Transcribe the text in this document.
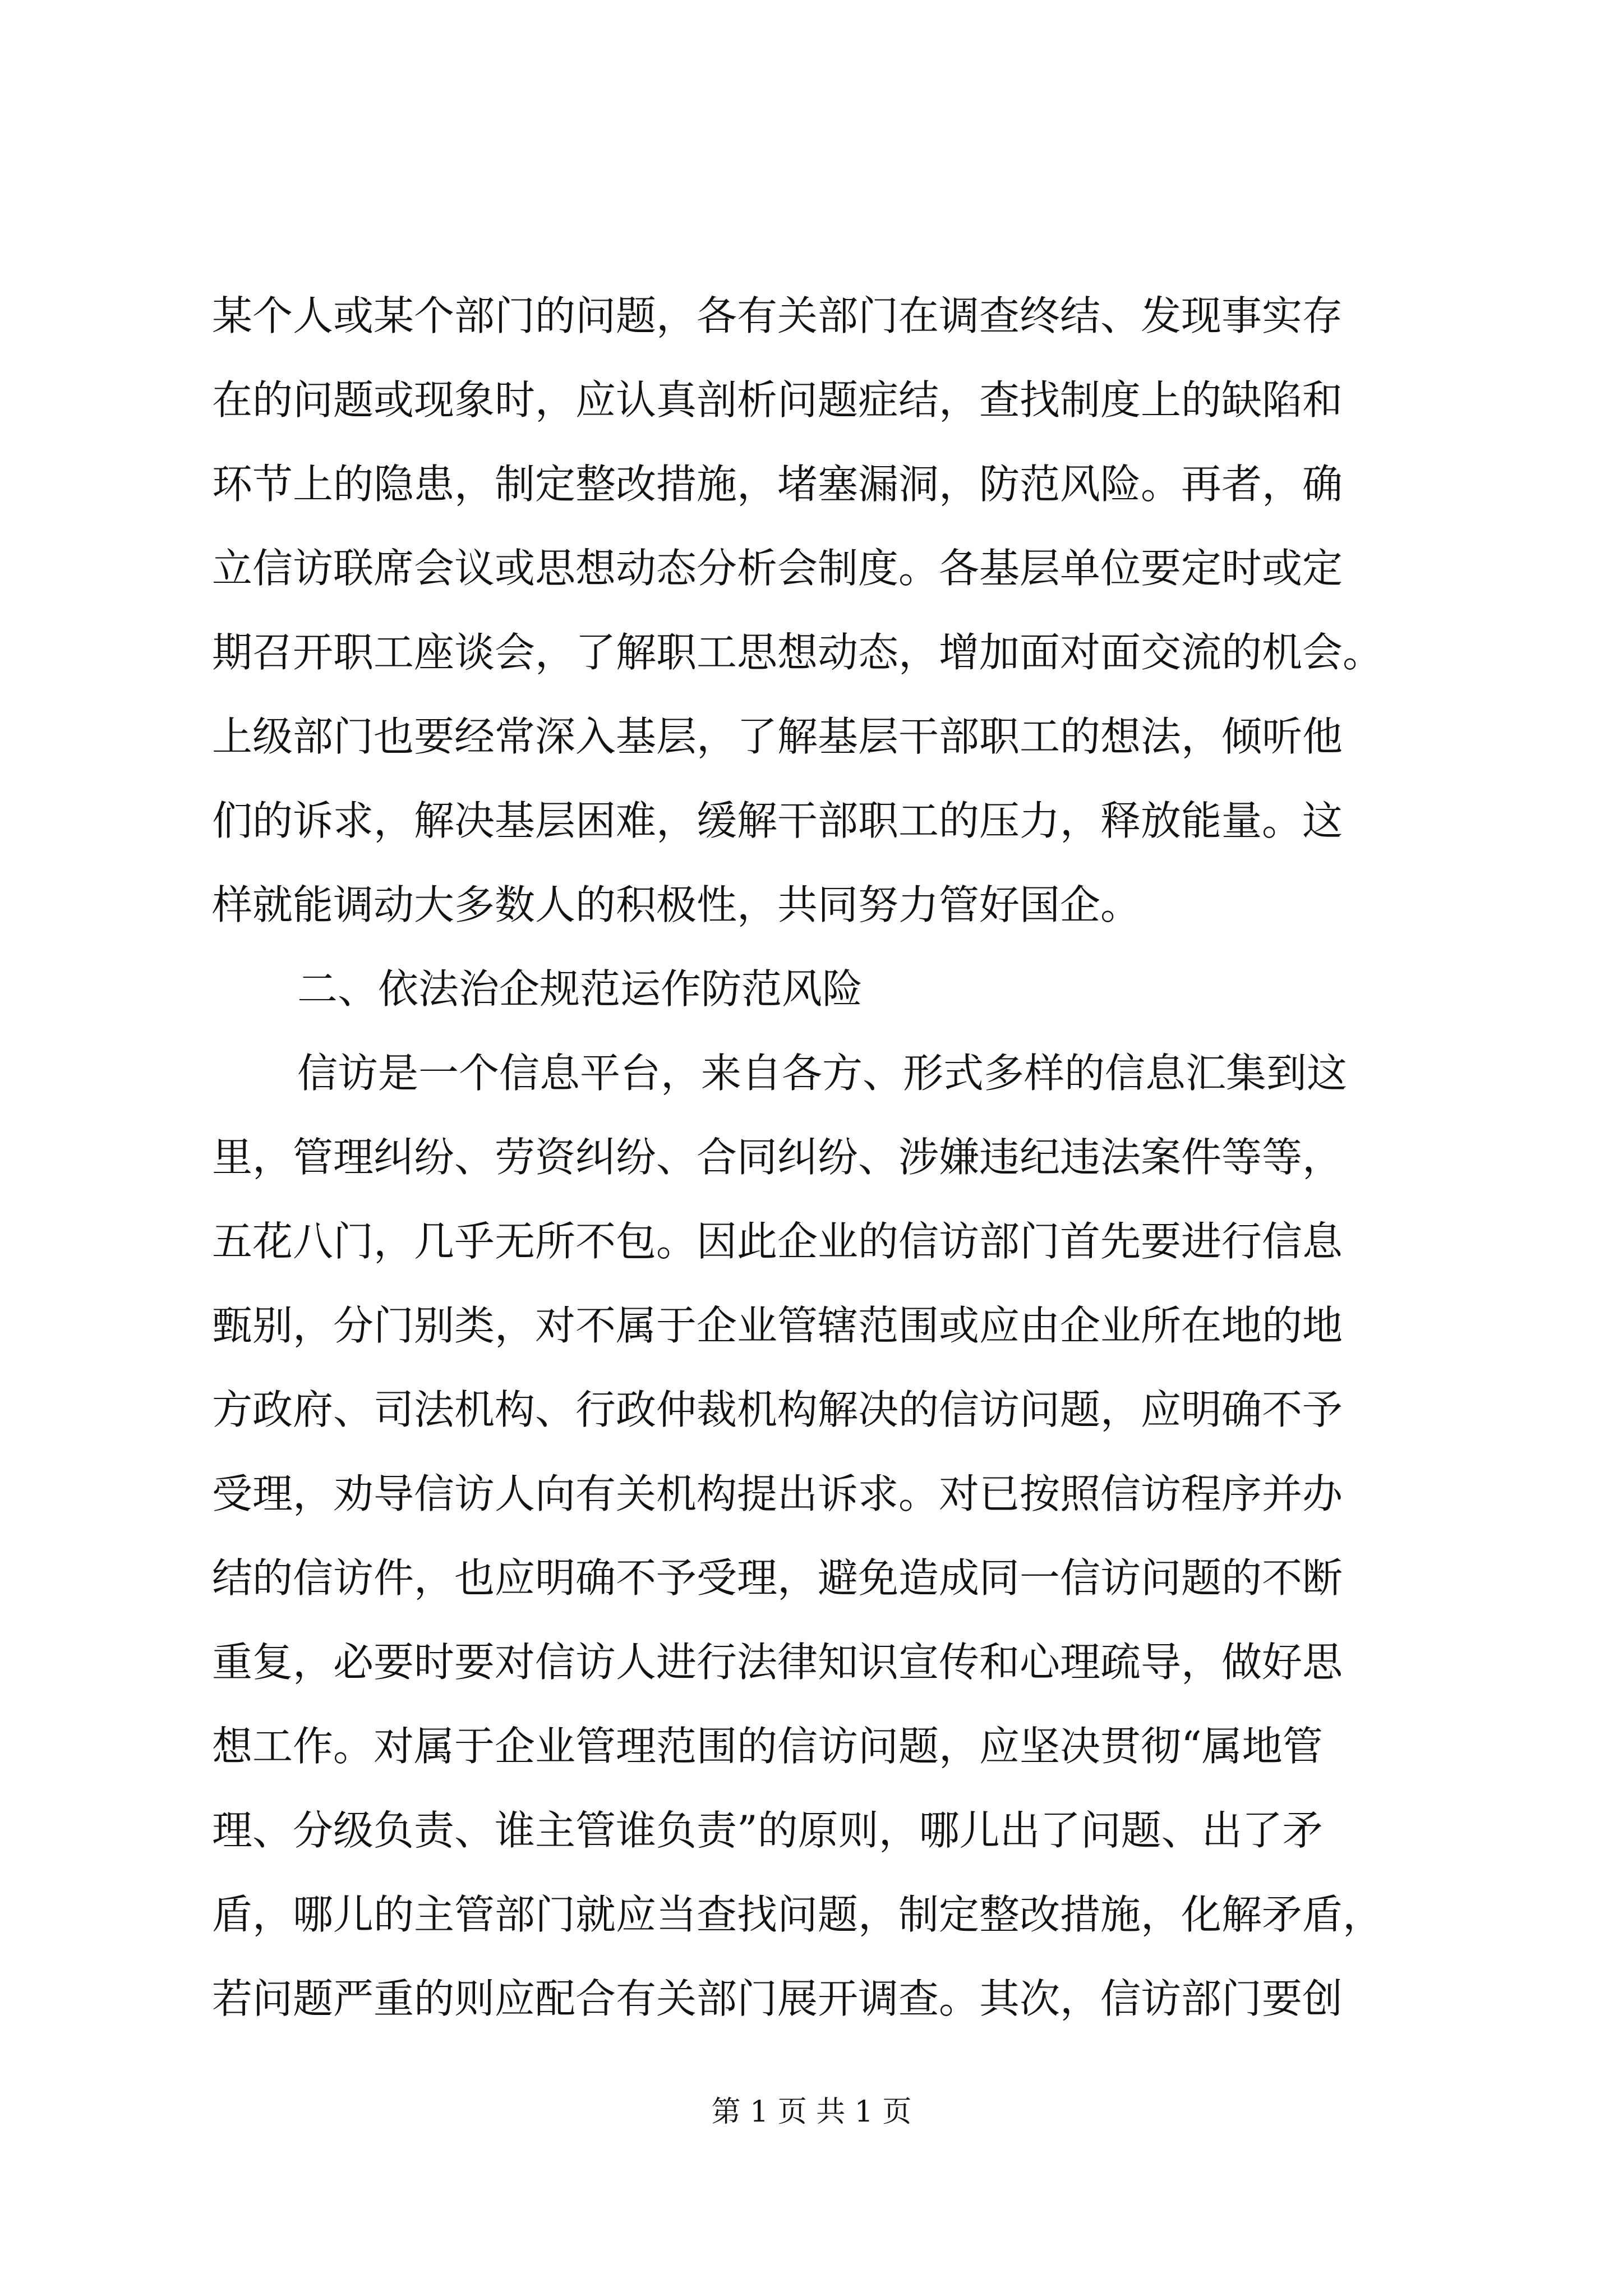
某个人或某个部门的问题，各有关部门在调查终结、发现事实存
在的问题或现象时，应认真剖析问题症结，查找制度上的缺陷和
环节上的隐患，制定整改措施，堵塞漏洞，防范风险。再者，确
立信访联席会议或思想动态分析会制度。各基层单位要定时或定
期召开职工座谈会，了解职工思想动态，增加面对面交流的机会。
上级部门也要经常深入基层，了解基层干部职工的想法，倾听他
们的诉求，解决基层困难，缓解干部职工的压力，释放能量。这
样就能调动大多数人的积极性，共同努力管好国企。
二、依法治企规范运作防范风险
信访是一个信息平台，来自各方、形式多样的信息汇集到这
里，管理纠纷、劳资纠纷、合同纠纷、涉嫌违纪违法案件等等，
五花八门，几乎无所不包。因此企业的信访部门首先要进行信息
甄别，分门别类，对不属于企业管辖范围或应由企业所在地的地
方政府、司法机构、行政仲裁机构解决的信访问题，应明确不予
受理，劝导信访人向有关机构提出诉求。对已按照信访程序并办
结的信访件，也应明确不予受理，避免造成同一信访问题的不断
重复，必要时要对信访人进行法律知识宣传和心理疏导，做好思
想工作。对属于企业管理范围的信访问题，应坚决贯彻“属地管
理、分级负责、谁主管谁负责”的原则，哪儿出了问题、出了矛
盾，哪儿的主管部门就应当查找问题，制定整改措施，化解矛盾，
若问题严重的则应配合有关部门展开调查。其次，信访部门要创
第 1 页 共 1 页
